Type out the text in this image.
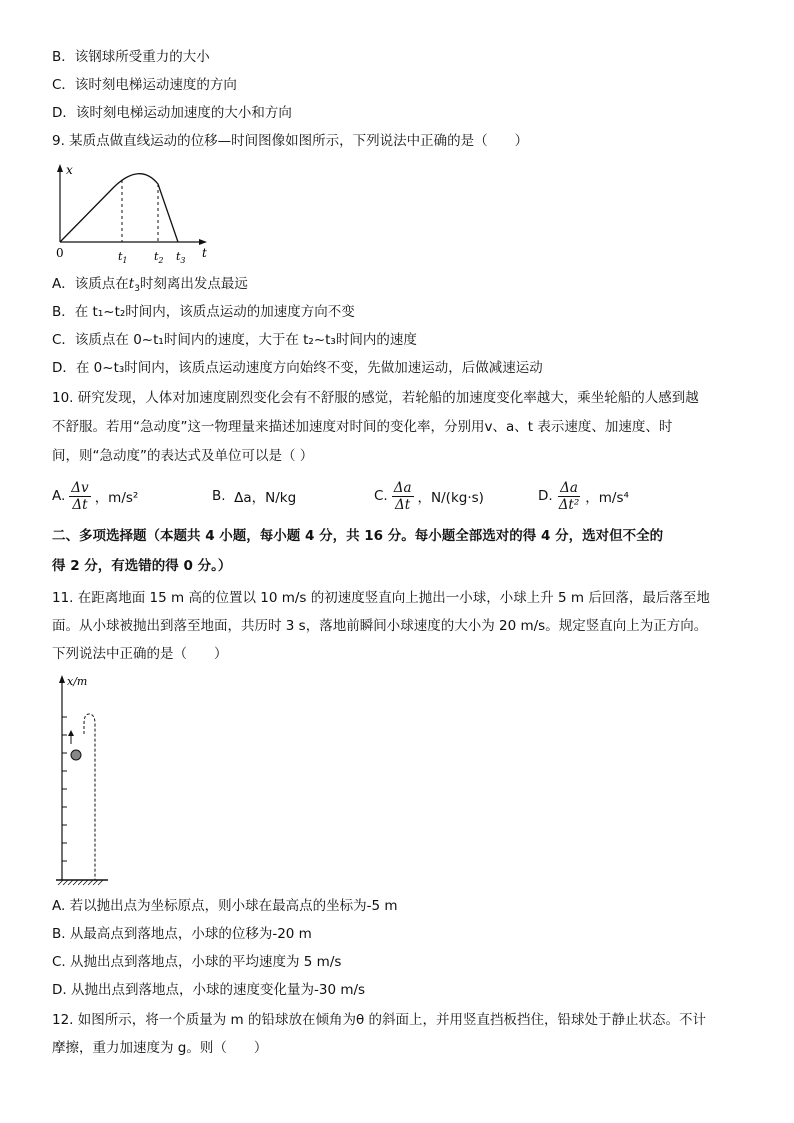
B．该钢球所受重力的大小
C．该时刻电梯运动速度的方向
D．该时刻电梯运动加速度的大小和方向
9. 某质点做直线运动的位移—时间图像如图所示，下列说法中正确的是（　　）
x
t
0	$t_1$ $t_2$ $t_3$
A．该质点在$t_3$时刻离出发点最远
B．在 t₁~t₂时间内，该质点运动的加速度方向不变
C．该质点在 0~t₁时间内的速度，大于在 t₂~t₃时间内的速度
D．在 0~t₃时间内，该质点运动速度方向始终不变，先做加速运动，后做减速运动
10. 研究发现，人体对加速度剧烈变化会有不舒服的感觉，若轮船的加速度变化率越大，乘坐轮船的人感到越
不舒服。若用“急动度”这一物理量来描述加速度对时间的变化率，分别用v、a、t 表示速度、加速度、时
间，则“急动度”的表达式及单位可以是（ ）
A. $\frac{\Delta v}{\Delta t}$ ，m/s²	B.
Δa，N/kg	C. $\frac{\Delta a}{\Delta t}$ ，N/(kg·s)	D. $\frac{\Delta a}{\text{Δt²}}$ ，m/s⁴
二、多项选择题（本题共 4 小题，每小题 4 分，共 16 分。每小题全部选对的得 4 分，选对但不全的
得 2 分，有选错的得 0 分。）
11. 在距离地面 15 m 高的位置以 10 m/s 的初速度竖直向上抛出一小球，小球上升 5 m 后回落，最后落至地
面。从小球被抛出到落至地面，共历时 3 s，落地前瞬间小球速度的大小为 20 m/s。规定竖直向上为正方向。
下列说法中正确的是（　　）
x/m
A. 若以抛出点为坐标原点，则小球在最高点的坐标为-5 m
B. 从最高点到落地点，小球的位移为-20 m
C. 从抛出点到落地点，小球的平均速度为 5 m/s
D. 从抛出点到落地点，小球的速度变化量为-30 m/s
12. 如图所示，将一个质量为 m 的铅球放在倾角为θ 的斜面上，并用竖直挡板挡住，铅球处于静止状态。不计
摩擦，重力加速度为 g。则（　　）
